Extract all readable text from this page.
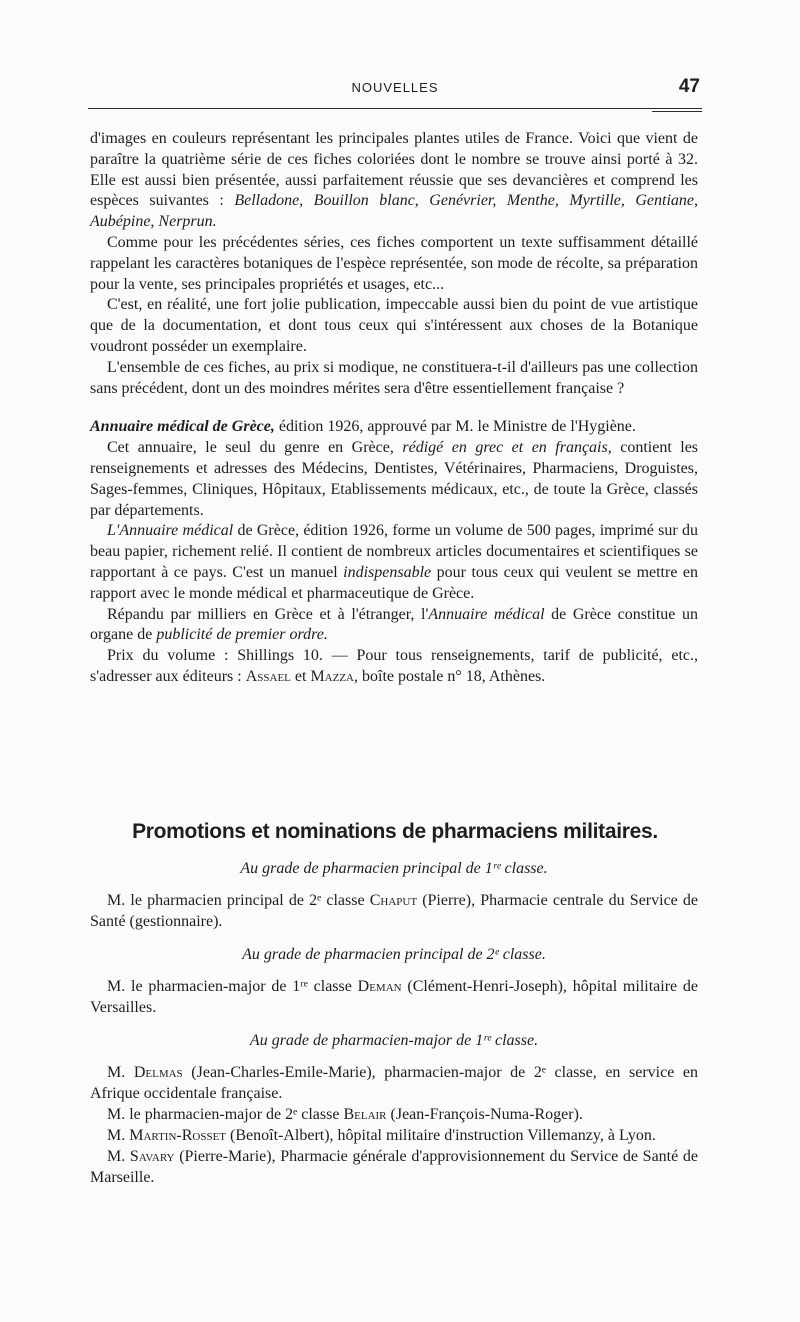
NOUVELLES	47

d'images en couleurs représentant les principales plantes utiles de France. Voici que vient de paraître la quatrième série de ces fiches coloriées dont le nombre se trouve ainsi porté à 32. Elle est aussi bien présentée, aussi parfaitement réussie que ses devancières et comprend les espèces suivantes : Belladone, Bouillon blanc, Genévrier, Menthe, Myrtille, Gentiane, Aubépine, Nerprun.

Comme pour les précédentes séries, ces fiches comportent un texte suffisamment détaillé rappelant les caractères botaniques de l'espèce représentée, son mode de récolte, sa préparation pour la vente, ses principales propriétés et usages, etc...

C'est, en réalité, une fort jolie publication, impeccable aussi bien du point de vue artistique que de la documentation, et dont tous ceux qui s'intéressent aux choses de la Botanique voudront posséder un exemplaire.

L'ensemble de ces fiches, au prix si modique, ne constituera-t-il d'ailleurs pas une collection sans précédent, dont un des moindres mérites sera d'être essentiellement française ?

Annuaire médical de Grèce, édition 1926, approuvé par M. le Ministre de l'Hygiène.

Cet annuaire, le seul du genre en Grèce, rédigé en grec et en français, contient les renseignements et adresses des Médecins, Dentistes, Vétérinaires, Pharmaciens, Droguistes, Sages-femmes, Cliniques, Hôpitaux, Etablissements médicaux, etc., de toute la Grèce, classés par départements.

L'Annuaire médical de Grèce, édition 1926, forme un volume de 500 pages, imprimé sur du beau papier, richement relié. Il contient de nombreux articles documentaires et scientifiques se rapportant à ce pays. C'est un manuel indispensable pour tous ceux qui veulent se mettre en rapport avec le monde médical et pharmaceutique de Grèce.

Répandu par milliers en Grèce et à l'étranger, l'Annuaire médical de Grèce constitue un organe de publicité de premier ordre.

Prix du volume : Shillings 10. — Pour tous renseignements, tarif de publicité, etc., s'adresser aux éditeurs : Assael et Mazza, boîte postale n° 18, Athènes.

Promotions et nominations de pharmaciens militaires.

Au grade de pharmacien principal de 1ʳᵉ classe.

M. le pharmacien principal de 2ᵉ classe Chaput (Pierre), Pharmacie centrale du Service de Santé (gestionnaire).

Au grade de pharmacien principal de 2ᵉ classe.

M. le pharmacien-major de 1ʳᵉ classe Deman (Clément-Henri-Joseph), hôpital militaire de Versailles.

Au grade de pharmacien-major de 1ʳᵉ classe.

M. Delmas (Jean-Charles-Emile-Marie), pharmacien-major de 2ᵉ classe, en service en Afrique occidentale française.

M. le pharmacien-major de 2ᵉ classe Belair (Jean-François-Numa-Roger).

M. Martin-Rosset (Benoît-Albert), hôpital militaire d'instruction Villemanzy, à Lyon.

M. Savary (Pierre-Marie), Pharmacie générale d'approvisionnement du Service de Santé de Marseille.
